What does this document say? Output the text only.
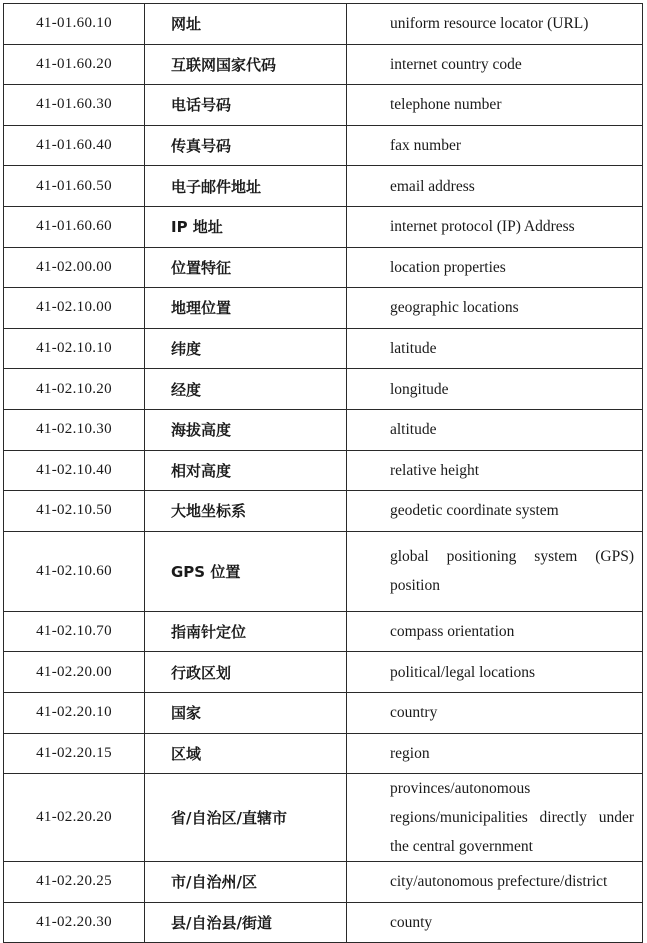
41-01.60.10	网址	uniform resource locator (URL)
41-01.60.20	互联网国家代码	internet country code
41-01.60.30	电话号码	telephone number
41-01.60.40	传真号码	fax number
41-01.60.50	电子邮件地址	email address
41-01.60.60	IP 地址	internet protocol (IP) Address
41-02.00.00	位置特征	location properties
41-02.10.00	地理位置	geographic locations
41-02.10.10	纬度	latitude
41-02.10.20	经度	longitude
41-02.10.30	海拔高度	altitude
41-02.10.40	相对高度	relative height
41-02.10.50	大地坐标系	geodetic coordinate system
41-02.10.60	GPS 位置	global positioning system (GPS) position
41-02.10.70	指南针定位	compass orientation
41-02.20.00	行政区划	political/legal locations
41-02.20.10	国家	country
41-02.20.15	区域	region
41-02.20.20	省/自治区/直辖市	provinces/autonomous regions/municipalities directly under the central government
41-02.20.25	市/自治州/区	city/autonomous prefecture/district
41-02.20.30	县/自治县/街道	county
